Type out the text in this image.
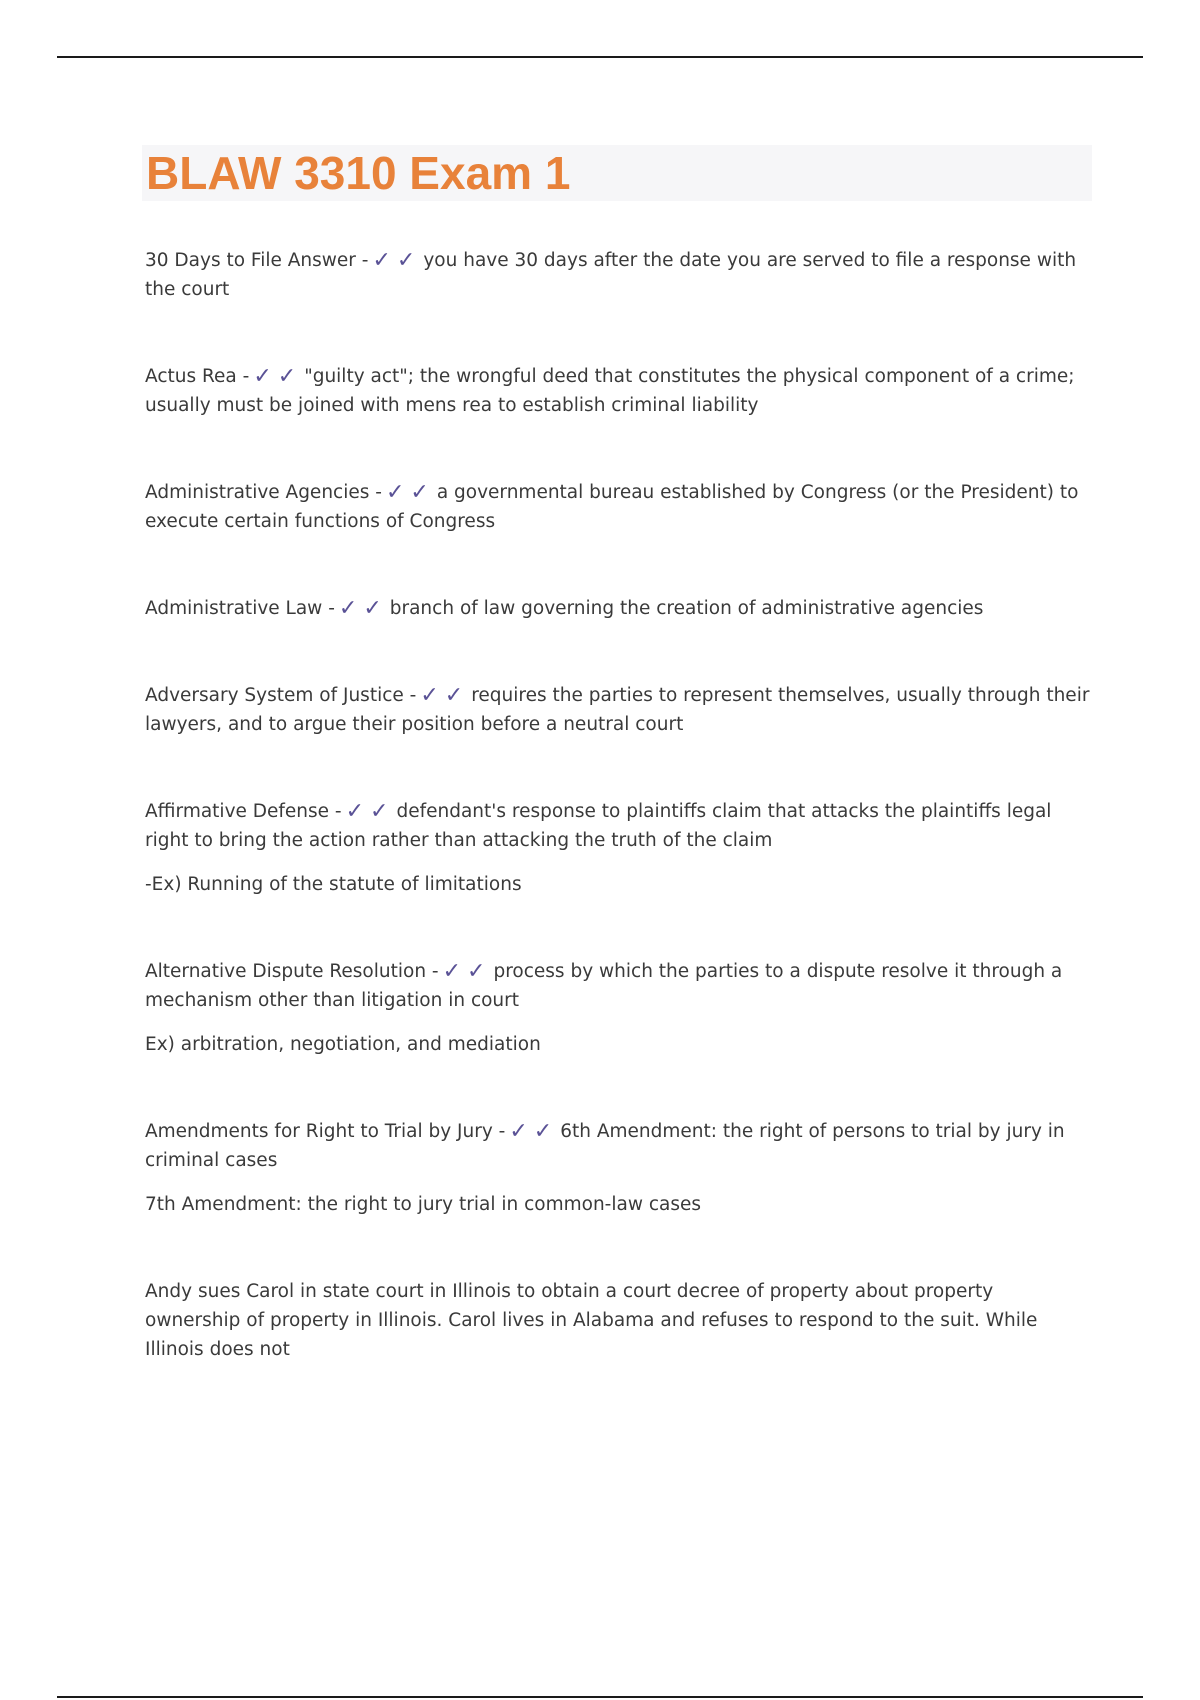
BLAW 3310 Exam 1

30 Days to File Answer - ✓✓ you have 30 days after the date you are served to file a response with the court

Actus Rea - ✓✓ "guilty act"; the wrongful deed that constitutes the physical component of a crime; usually must be joined with mens rea to establish criminal liability

Administrative Agencies - ✓✓ a governmental bureau established by Congress (or the President) to execute certain functions of Congress

Administrative Law - ✓✓ branch of law governing the creation of administrative agencies

Adversary System of Justice - ✓✓ requires the parties to represent themselves, usually through their lawyers, and to argue their position before a neutral court

Affirmative Defense - ✓✓ defendant's response to plaintiffs claim that attacks the plaintiffs legal right to bring the action rather than attacking the truth of the claim

-Ex) Running of the statute of limitations

Alternative Dispute Resolution - ✓✓ process by which the parties to a dispute resolve it through a mechanism other than litigation in court

Ex) arbitration, negotiation, and mediation

Amendments for Right to Trial by Jury - ✓✓ 6th Amendment: the right of persons to trial by jury in criminal cases

7th Amendment: the right to jury trial in common-law cases

Andy sues Carol in state court in Illinois to obtain a court decree of property about property ownership of property in Illinois. Carol lives in Alabama and refuses to respond to the suit. While Illinois does not
